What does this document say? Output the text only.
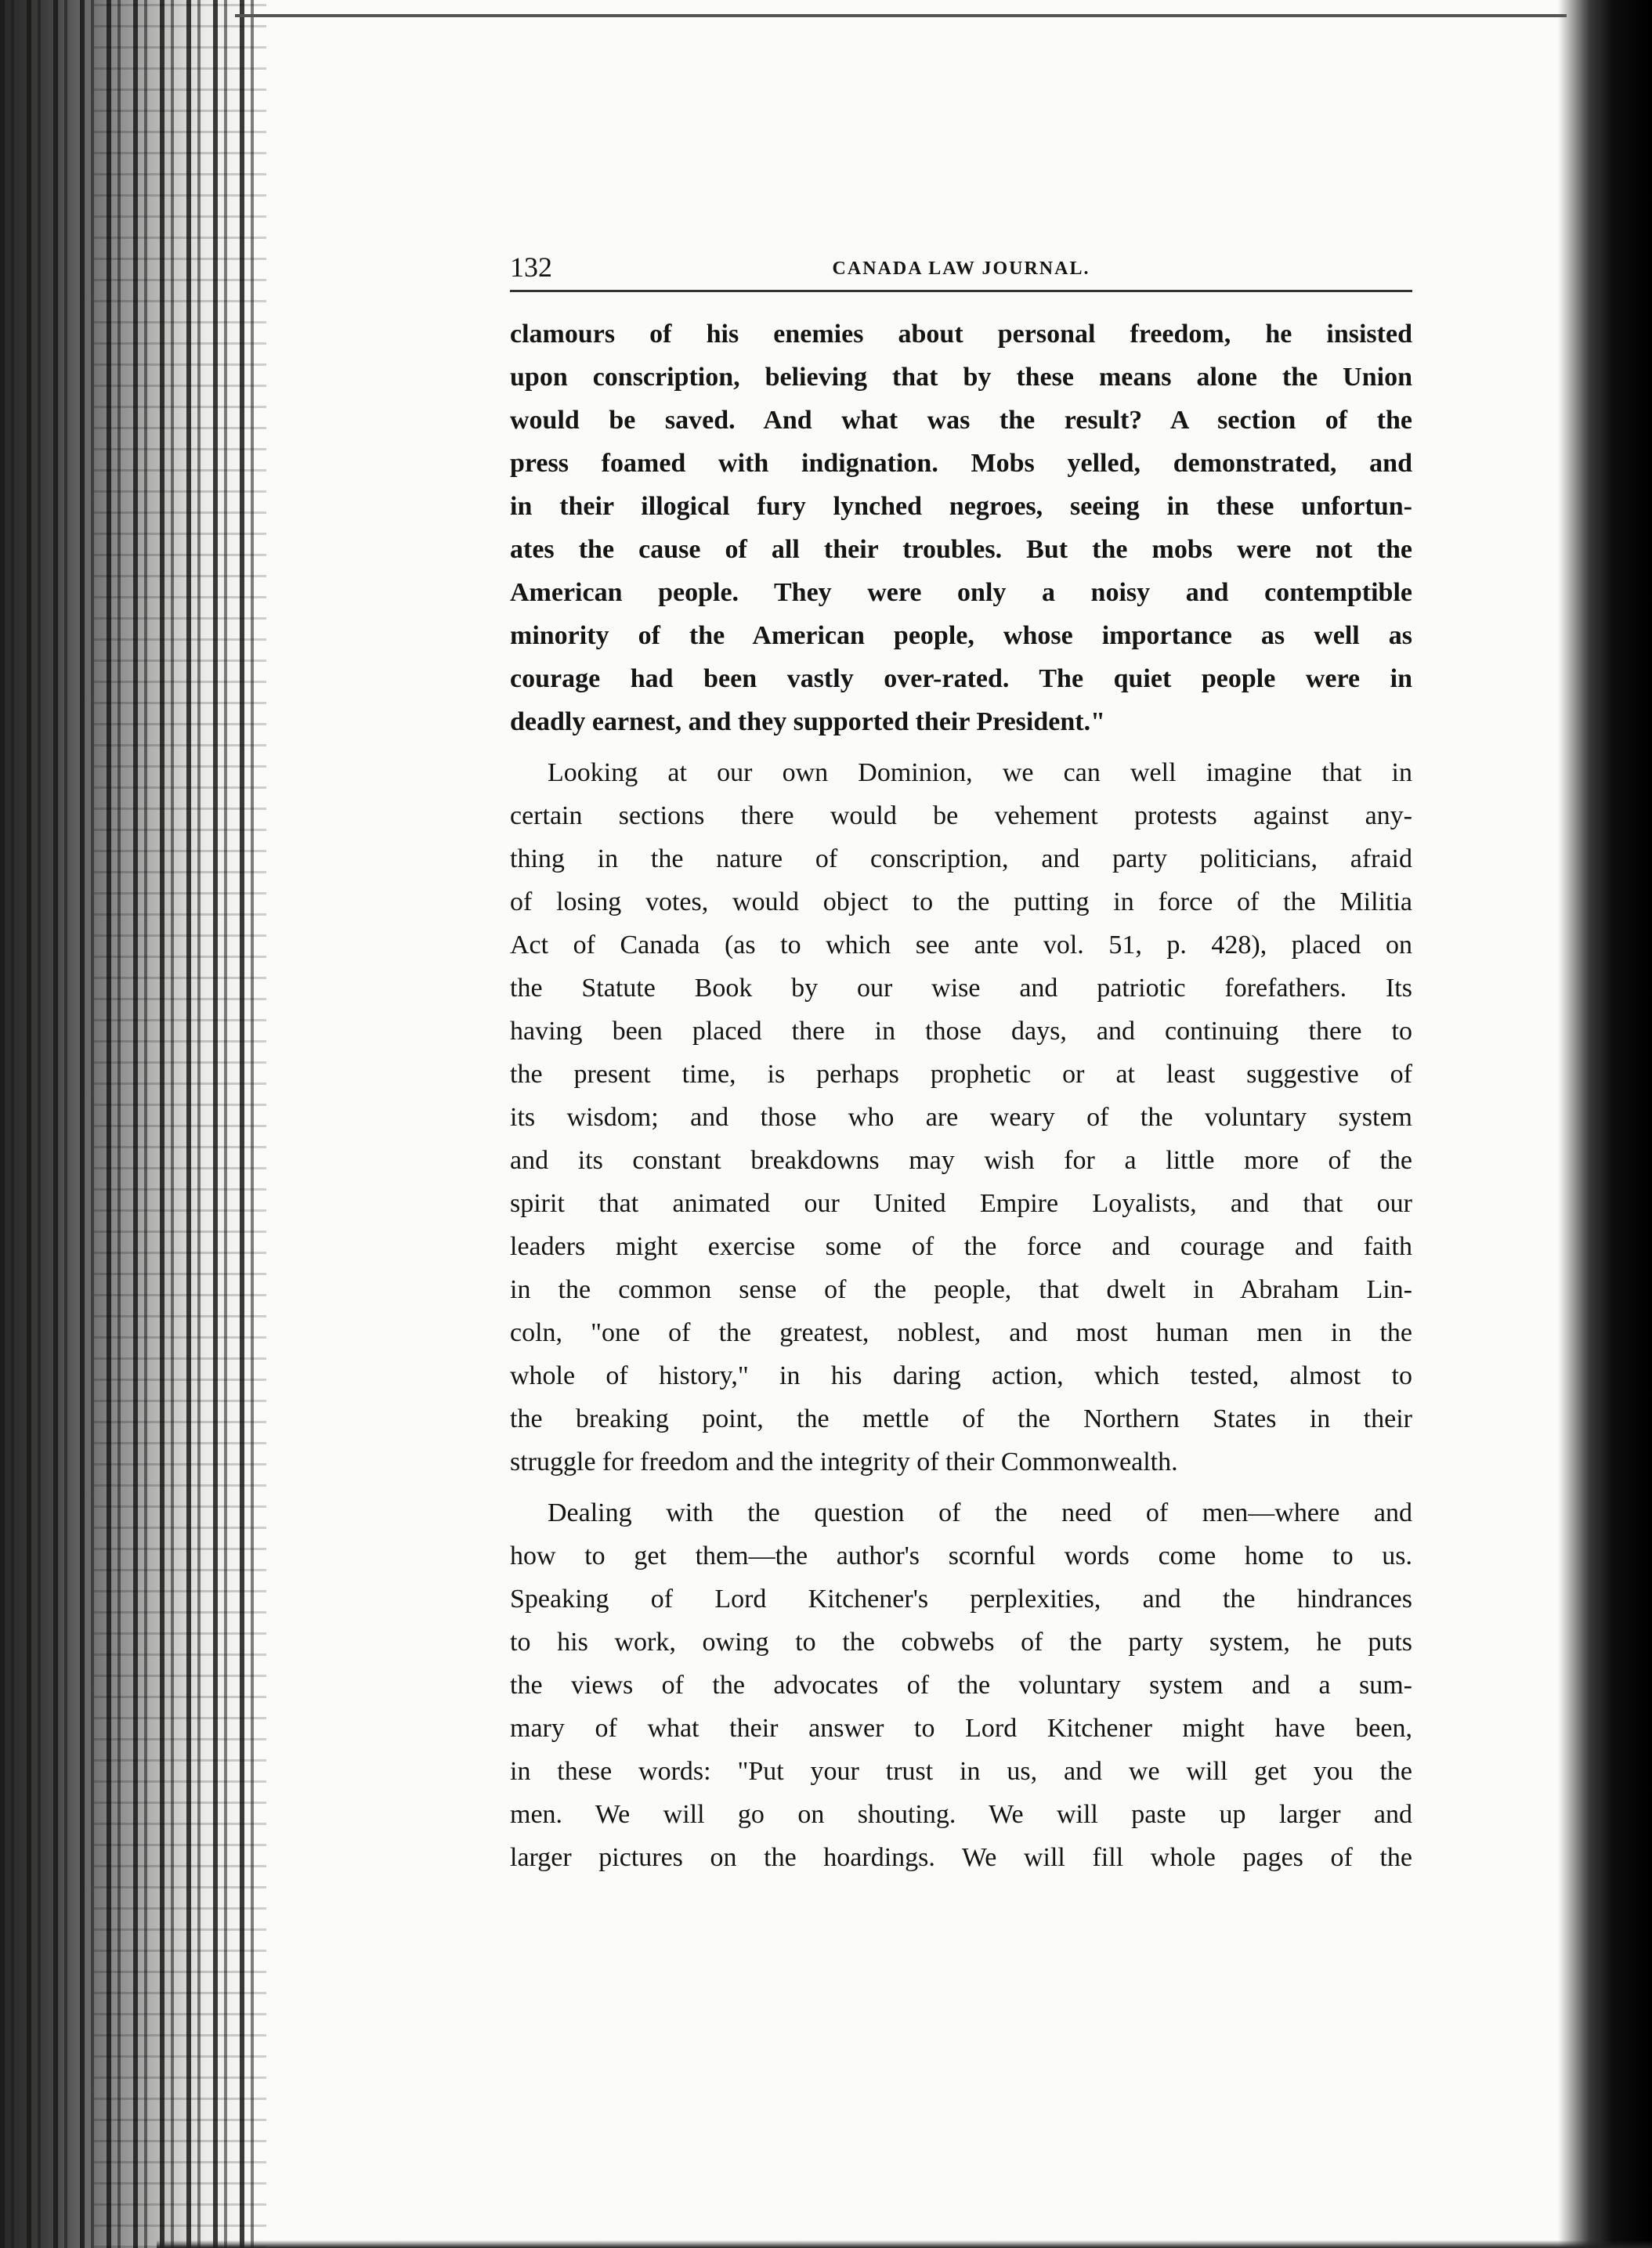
132	CANADA LAW JOURNAL.
clamours of his enemies about personal freedom, he insisted
upon conscription, believing that by these means alone the Union
would be saved. And what was the result? A section of the
press foamed with indignation. Mobs yelled, demonstrated, and
in their illogical fury lynched negroes, seeing in these unfortun-
ates the cause of all their troubles. But the mobs were not the
American people. They were only a noisy and contemptible
minority of the American people, whose importance as well as
courage had been vastly over-rated. The quiet people were in
deadly earnest, and they supported their President."
Looking at our own Dominion, we can well imagine that in
certain sections there would be vehement protests against any-
thing in the nature of conscription, and party politicians, afraid
of losing votes, would object to the putting in force of the Militia
Act of Canada (as to which see ante vol. 51, p. 428), placed on
the Statute Book by our wise and patriotic forefathers. Its
having been placed there in those days, and continuing there to
the present time, is perhaps prophetic or at least suggestive of
its wisdom; and those who are weary of the voluntary system
and its constant breakdowns may wish for a little more of the
spirit that animated our United Empire Loyalists, and that our
leaders might exercise some of the force and courage and faith
in the common sense of the people, that dwelt in Abraham Lin-
coln, "one of the greatest, noblest, and most human men in the
whole of history," in his daring action, which tested, almost to
the breaking point, the mettle of the Northern States in their
struggle for freedom and the integrity of their Commonwealth.
Dealing with the question of the need of men—where and
how to get them—the author's scornful words come home to us.
Speaking of Lord Kitchener's perplexities, and the hindrances
to his work, owing to the cobwebs of the party system, he puts
the views of the advocates of the voluntary system and a sum-
mary of what their answer to Lord Kitchener might have been,
in these words: "Put your trust in us, and we will get you the
men. We will go on shouting. We will paste up larger and
larger pictures on the hoardings. We will fill whole pages of the
